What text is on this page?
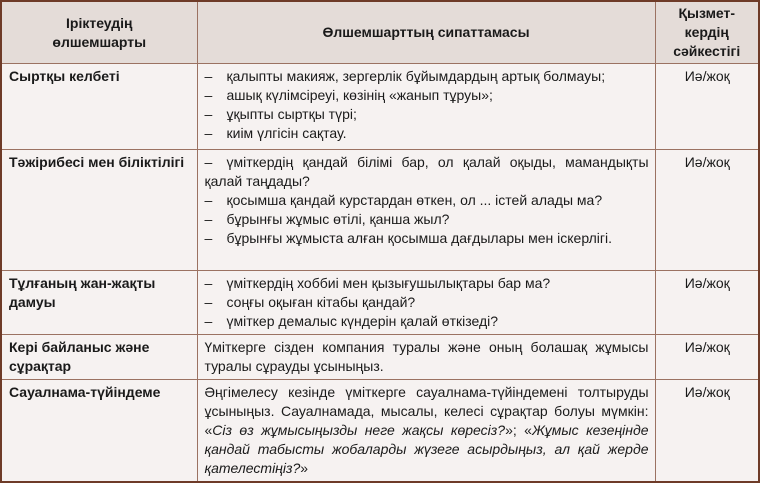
Іріктеудің
өлшемшарты	Өлшемшарттың сипаттамасы	Қызмет-
кердің
сәйкестігі
Сыртқы келбеті	– қалыпты макияж, зергерлік бұйымдардың артық болмауы;
– ашық күлімсіреуі, көзінің «жанып тұруы»;
– ұқыпты сыртқы түрі;
– киім үлгісін сақтау.	Иә/жоқ
Тәжірибесі мен біліктілігі	– үміткердің қандай білімі бар, ол қалай оқыды, мамандықты қалай таңдады?
– қосымша қандай курстардан өткен, ол ... істей алады ма?
– бұрынғы жұмыс өтілі, қанша жыл?
– бұрынғы жұмыста алған қосымша дағдылары мен іскерлігі.	Иә/жоқ
Тұлғаның жан-жақты дамуы	– үміткердің хоббиі мен қызығушылықтары бар ма?
– соңғы оқыған кітабы қандай?
– үміткер демалыс күндерін қалай өткізеді?	Иә/жоқ
Кері байланыс және сұрақтар	Үміткерге сізден компания туралы және оның болашақ жұмысы туралы сұрауды ұсыныңыз.	Иә/жоқ
Сауалнама-түйіндеме	Әңгімелесу кезінде үміткерге сауалнама-түйіндемені толтыруды ұсыныңыз. Сауалнамада, мысалы, келесі сұрақтар болуы мүмкін: «Сіз өз жұмысыңызды неге жақсы көресіз?»; «Жұмыс кезеңінде қандай табысты жобаларды жүзеге асырдыңыз, ал қай жерде қателестіңіз?»	Иә/жоқ
